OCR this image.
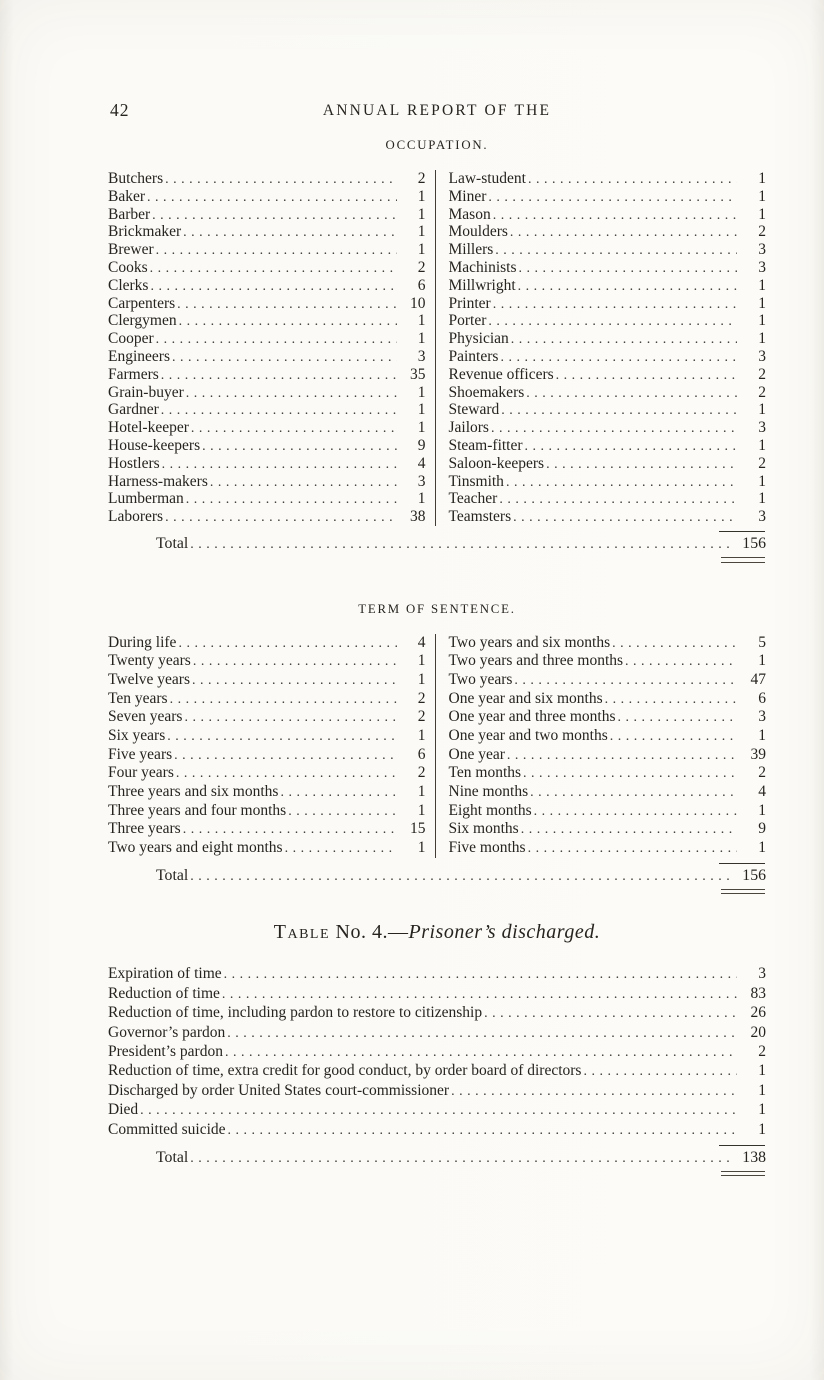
42	ANNUAL REPORT OF THE
OCCUPATION.
Butchers .....	2
Baker .....	1
Barber .....	1
Brickmaker .....	1
Brewer .....	1
Cooks .....	2
Clerks .....	6
Carpenters .....	10
Clergymen .....	1
Cooper .....	1
Engineers .....	3
Farmers .....	35
Grain-buyer .....	1
Gardner .....	1
Hotel-keeper .....	1
House-keepers .....	9
Hostlers .....	4
Harness-makers .....	3
Lumberman .....	1
Laborers .....	38
Law-student .....	1
Miner .....	1
Mason .....	1
Moulders .....	2
Millers .....	3
Machinists .....	3
Millwright .....	1
Printer .....	1
Porter .....	1
Physician .....	1
Painters .....	3
Revenue officers .....	2
Shoemakers .....	2
Steward .....	1
Jailors .....	3
Steam-fitter .....	1
Saloon-keepers .....	2
Tinsmith .....	1
Teacher .....	1
Teamsters .....	3
Total .....	156
TERM OF SENTENCE.
During life .....	4
Twenty years .....	1
Twelve years .....	1
Ten years .....	2
Seven years .....	2
Six years .....	1
Five years .....	6
Four years .....	2
Three years and six months .....	1
Three years and four months .....	1
Three years .....	15
Two years and eight months .....	1
Two years and six months .....	5
Two years and three months .....	1
Two years .....	47
One year and six months .....	6
One year and three months .....	3
One year and two months .....	1
One year .....	39
Ten months .....	2
Nine months .....	4
Eight months .....	1
Six months .....	9
Five months .....	1
Total .....	156
Table No. 4.—Prisoner’s discharged.
Expiration of time .....	3
Reduction of time .....	83
Reduction of time, including pardon to restore to citizenship .....	26
Governor’s pardon .....	20
President’s pardon .....	2
Reduction of time, extra credit for good conduct, by order board of directors .....	1
Discharged by order United States court-commissioner .....	1
Died .....	1
Committed suicide .....	1
Total .....	138
